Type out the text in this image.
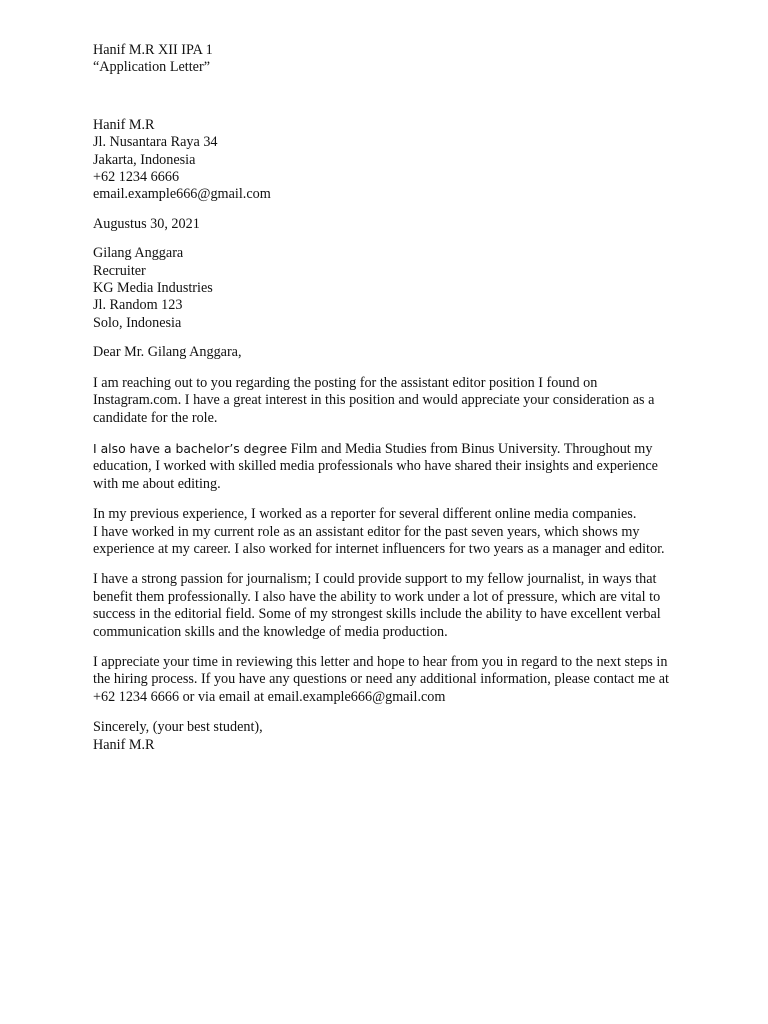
Hanif M.R XII IPA 1
“Application Letter”
Hanif M.R
Jl. Nusantara Raya 34
Jakarta, Indonesia
+62 1234 6666
email.example666@gmail.com
Augustus 30, 2021
Gilang Anggara
Recruiter
KG Media Industries
Jl. Random 123
Solo, Indonesia
Dear Mr. Gilang Anggara,
I am reaching out to you regarding the posting for the assistant editor position I found on
Instagram.com. I have a great interest in this position and would appreciate your consideration as a
candidate for the role.
I also have a bachelor’s degree Film and Media Studies from Binus University. Throughout my
education, I worked with skilled media professionals who have shared their insights and experience
with me about editing.
In my previous experience, I worked as a reporter for several different online media companies.
I have worked in my current role as an assistant editor for the past seven years, which shows my
experience at my career. I also worked for internet influencers for two years as a manager and editor.
I have a strong passion for journalism; I could provide support to my fellow journalist, in ways that
benefit them professionally. I also have the ability to work under a lot of pressure, which are vital to
success in the editorial field. Some of my strongest skills include the ability to have excellent verbal
communication skills and the knowledge of media production.
I appreciate your time in reviewing this letter and hope to hear from you in regard to the next steps in
the hiring process. If you have any questions or need any additional information, please contact me at
+62 1234 6666 or via email at email.example666@gmail.com
Sincerely, (your best student),
Hanif M.R
